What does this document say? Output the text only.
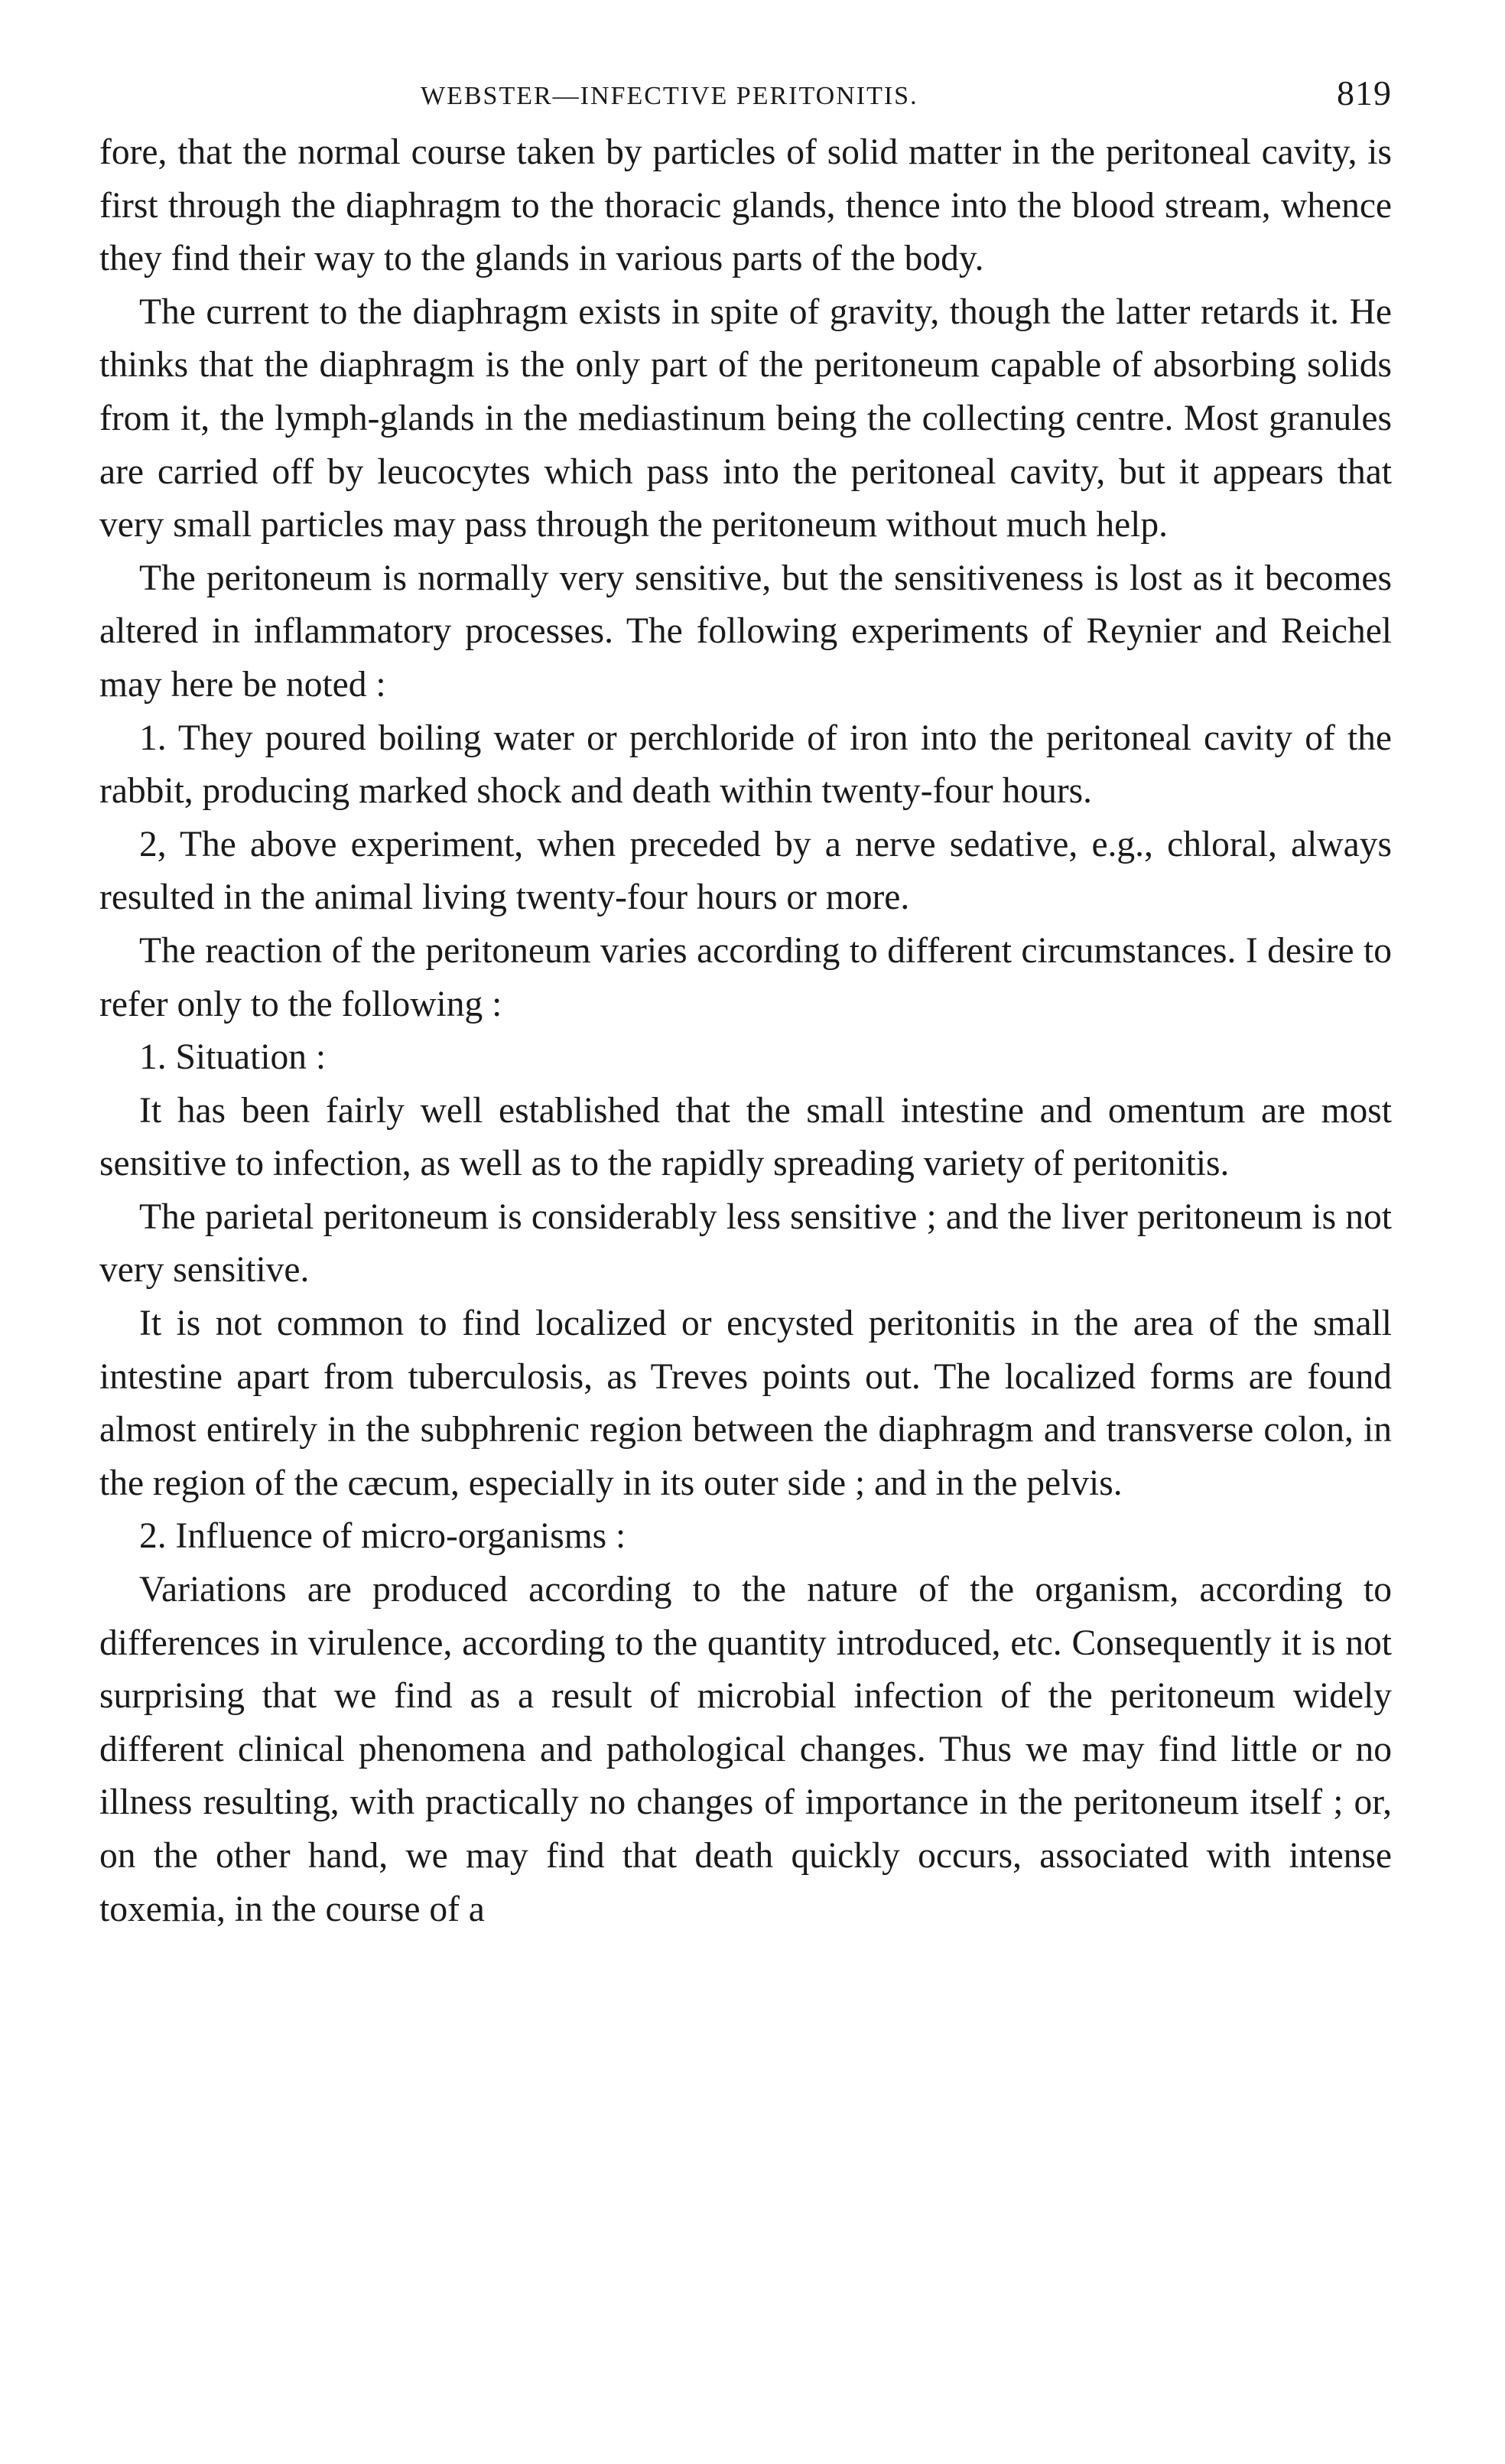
WEBSTER—INFECTIVE PERITONITIS.	819

fore, that the normal course taken by particles of solid matter in the peritoneal cavity, is first through the diaphragm to the thoracic glands, thence into the blood stream, whence they find their way to the glands in various parts of the body.

The current to the diaphragm exists in spite of gravity, though the latter retards it. He thinks that the diaphragm is the only part of the peritoneum capable of absorbing solids from it, the lymph-glands in the mediastinum being the collecting centre. Most granules are carried off by leucocytes which pass into the peritoneal cavity, but it appears that very small particles may pass through the peritoneum without much help.

The peritoneum is normally very sensitive, but the sensitiveness is lost as it becomes altered in inflammatory processes. The following experiments of Reynier and Reichel may here be noted :

1. They poured boiling water or perchloride of iron into the peritoneal cavity of the rabbit, producing marked shock and death within twenty-four hours.

2, The above experiment, when preceded by a nerve sedative, e.g., chloral, always resulted in the animal living twenty-four hours or more.

The reaction of the peritoneum varies according to different circumstances. I desire to refer only to the following :

1. Situation :

It has been fairly well established that the small intestine and omentum are most sensitive to infection, as well as to the rapidly spreading variety of peritonitis.

The parietal peritoneum is considerably less sensitive ; and the liver peritoneum is not very sensitive.

It is not common to find localized or encysted peritonitis in the area of the small intestine apart from tuberculosis, as Treves points out. The localized forms are found almost entirely in the subphrenic region between the diaphragm and transverse colon, in the region of the cæcum, especially in its outer side ; and in the pelvis.

2. Influence of micro-organisms :

Variations are produced according to the nature of the organism, according to differences in virulence, according to the quantity introduced, etc. Consequently it is not surprising that we find as a result of microbial infection of the peritoneum widely different clinical phenomena and pathological changes. Thus we may find little or no illness resulting, with practically no changes of importance in the peritoneum itself ; or, on the other hand, we may find that death quickly occurs, associated with intense toxemia, in the course of a
